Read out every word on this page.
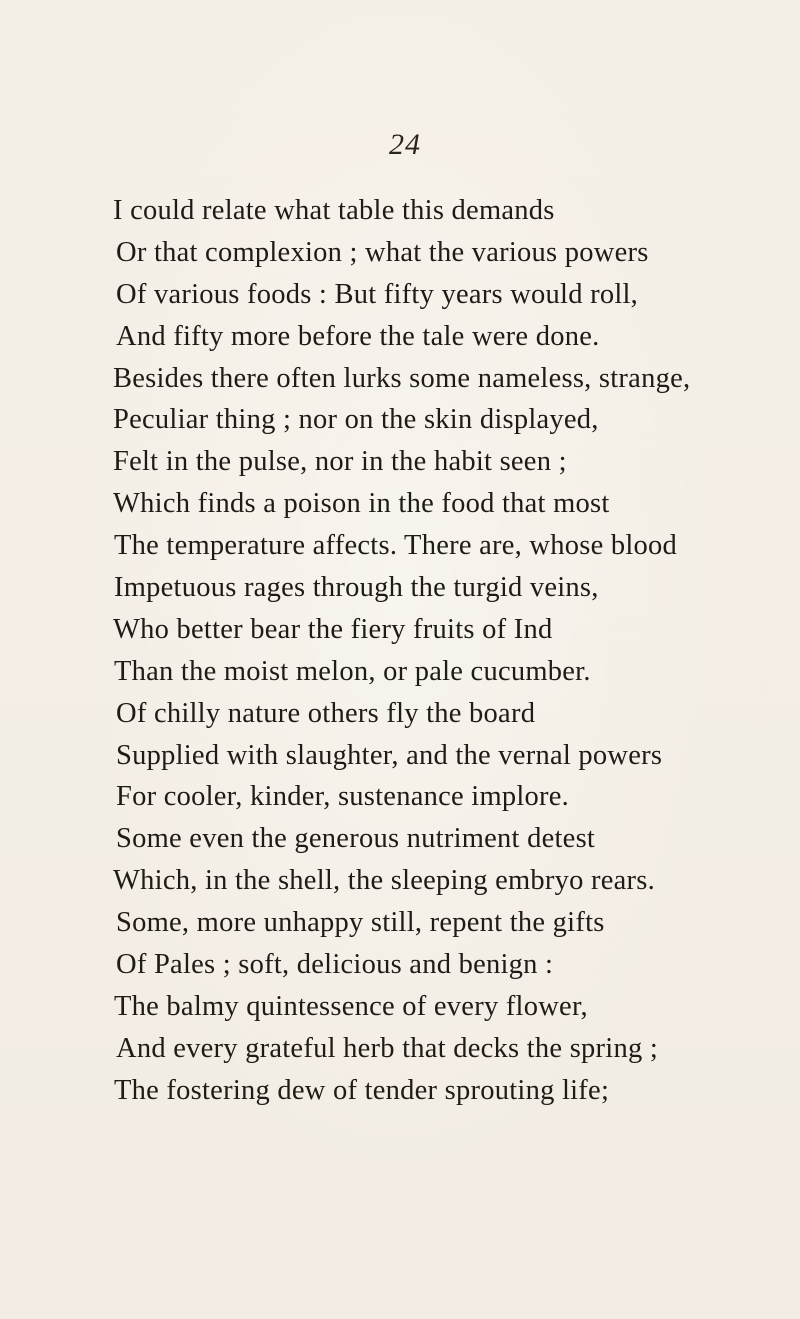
24
I could relate what table this demands
Or that complexion ; what the various powers
Of various foods : But fifty years would roll,
And fifty more before the tale were done.
Besides there often lurks some nameless, strange,
Peculiar thing ; nor on the skin displayed,
Felt in the pulse, nor in the habit seen ;
Which finds a poison in the food that most
The temperature affects. There are, whose blood
Impetuous rages through the turgid veins,
Who better bear the fiery fruits of Ind
Than the moist melon, or pale cucumber.
Of chilly nature others fly the board
Supplied with slaughter, and the vernal powers
For cooler, kinder, sustenance implore.
Some even the generous nutriment detest
Which, in the shell, the sleeping embryo rears.
Some, more unhappy still, repent the gifts
Of Pales ; soft, delicious and benign :
The balmy quintessence of every flower,
And every grateful herb that decks the spring ;
The fostering dew of tender sprouting life;
